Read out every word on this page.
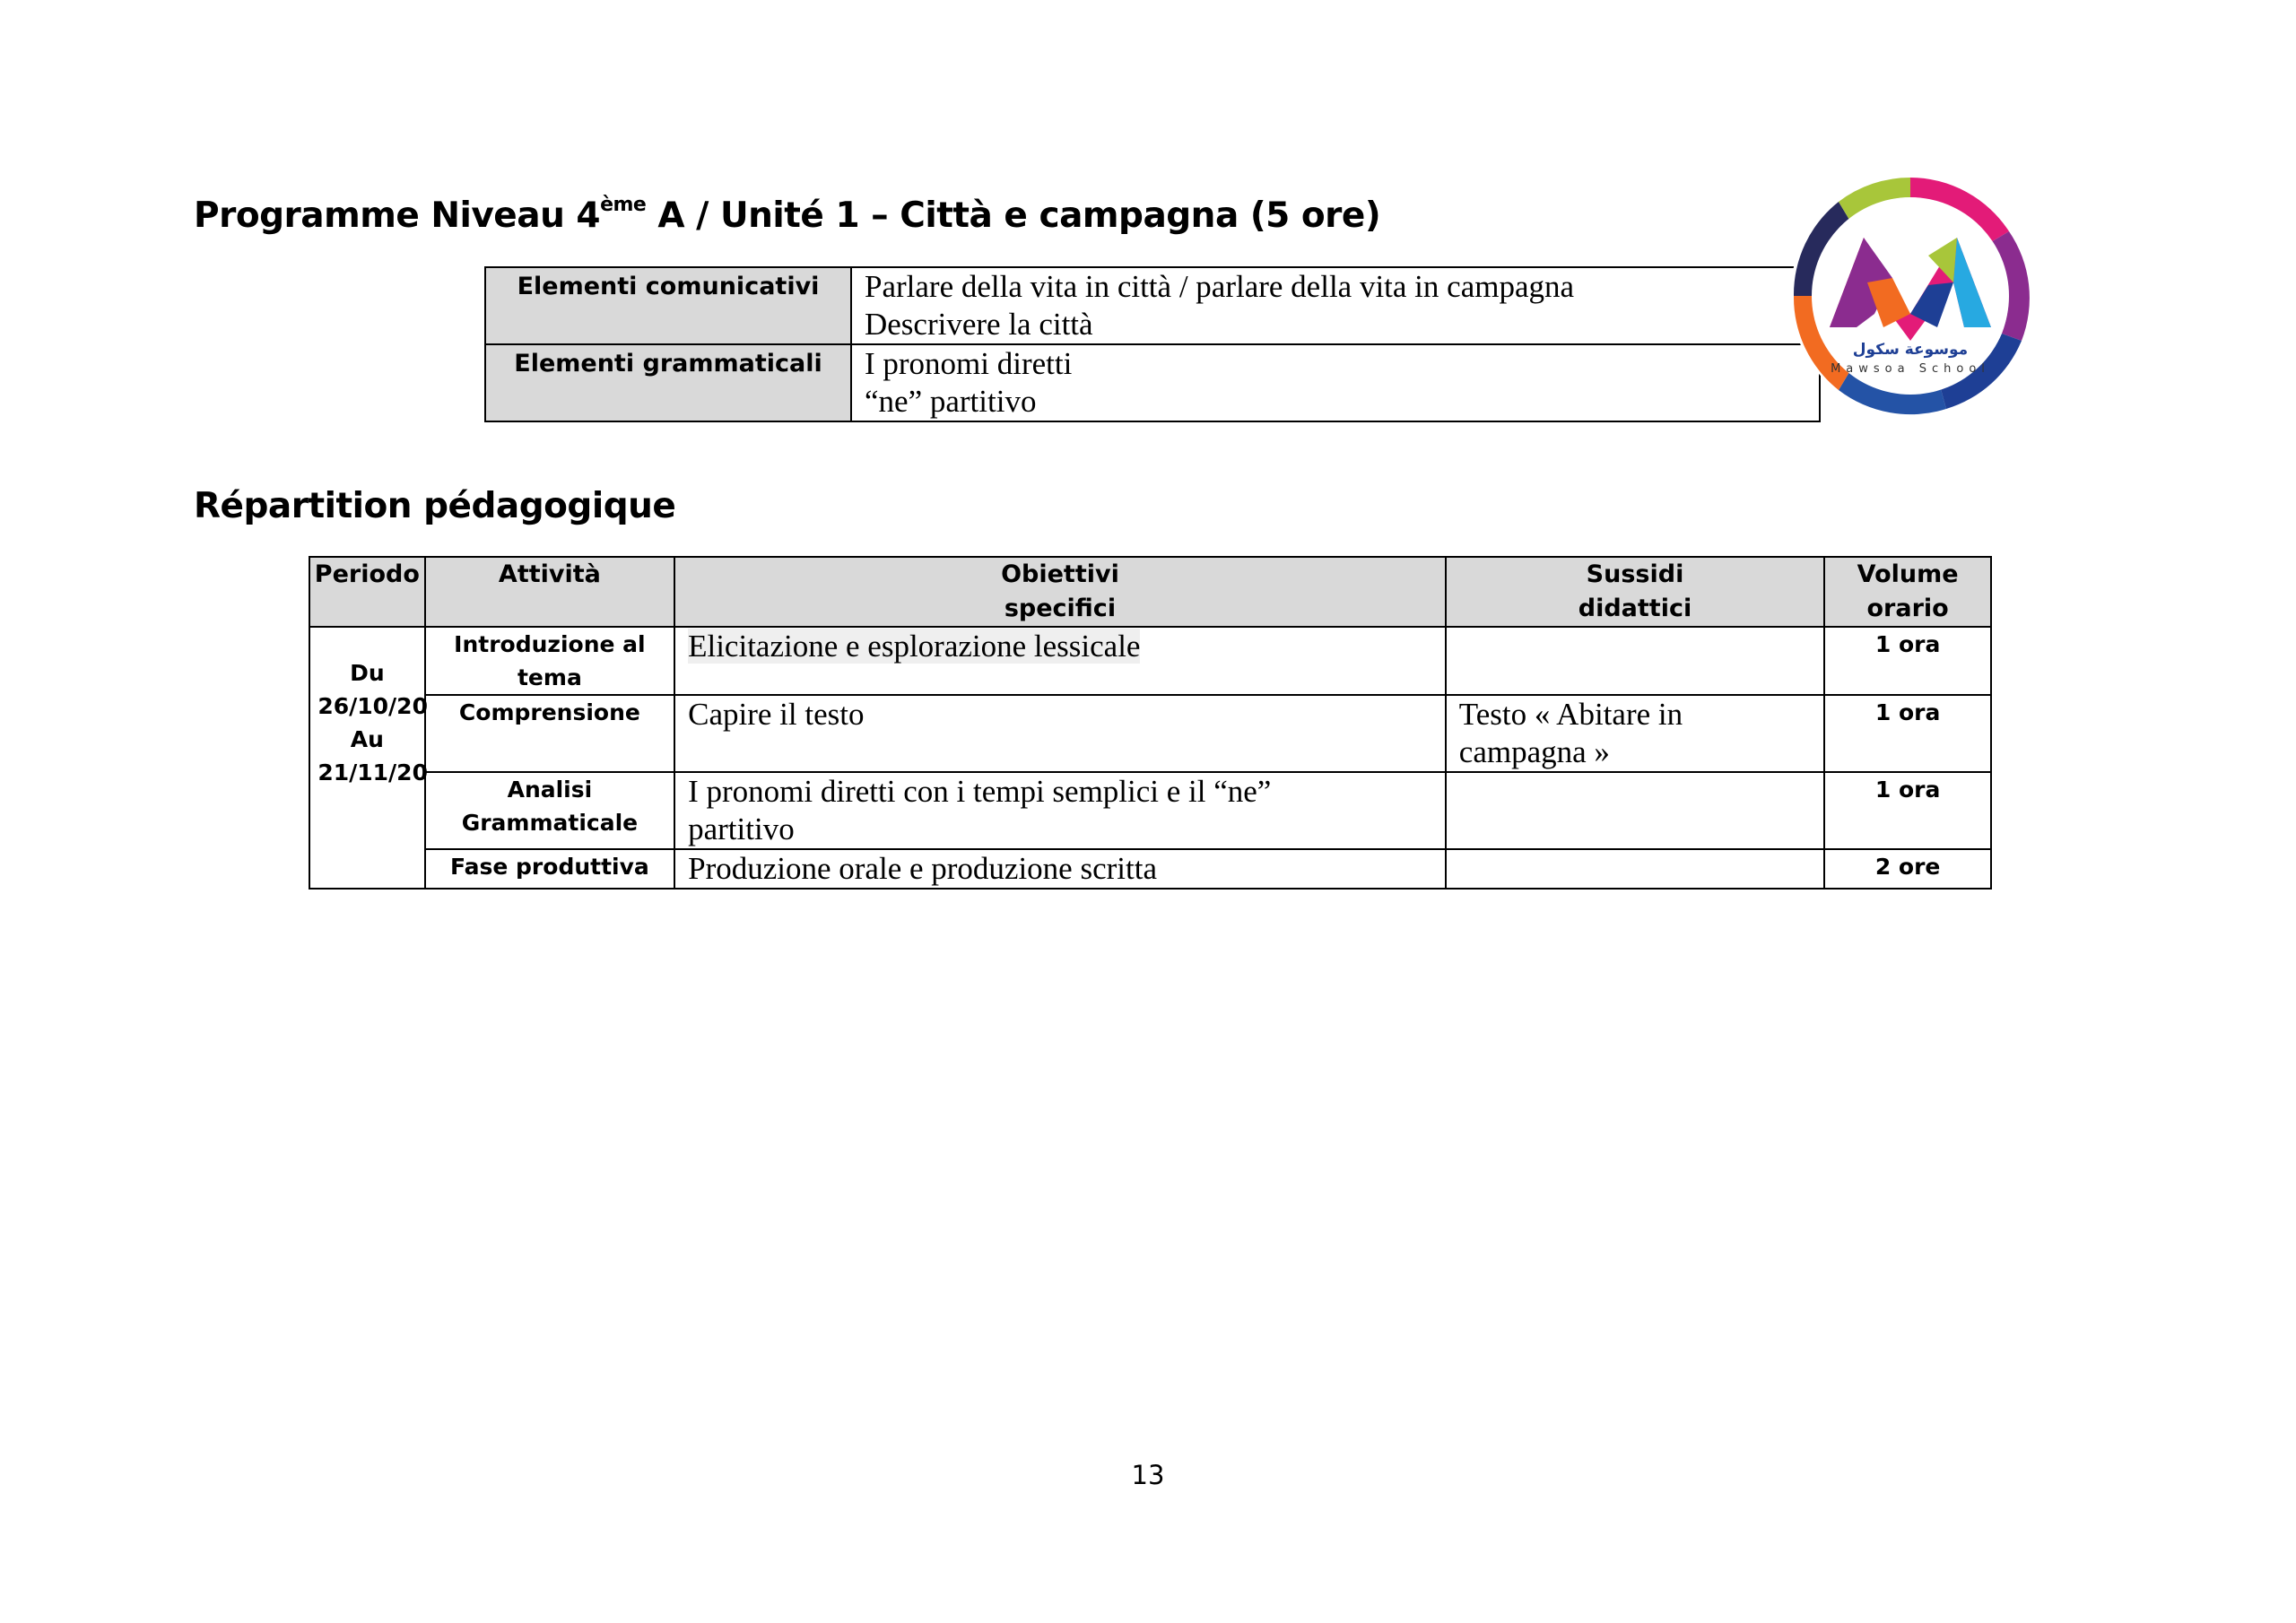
Programme Niveau 4ème A / Unité 1 – Città e campagna (5 ore)
Elementi comunicativi	Parlare della vita in città / parlare della vita in campagna
Descrivere la città

Elementi grammaticali	I pronomi diretti
“ne” partitivo
Répartition pédagogique
Periodo	Attività	Obiettivi specifici	Sussidi didattici	Volume orario

Du 26/10/20 Au 21/11/20	Introduzione al tema	Elicitazione e esplorazione lessicale		1 ora
	Comprensione	Capire il testo	Testo « Abitare in campagna »	1 ora
	Analisi Grammaticale	I pronomi diretti con i tempi semplici e il “ne” partitivo		1 ora
	Fase produttiva	Produzione orale e produzione scritta		2 ore
موسوعة سكول
Mawsoa School
13
